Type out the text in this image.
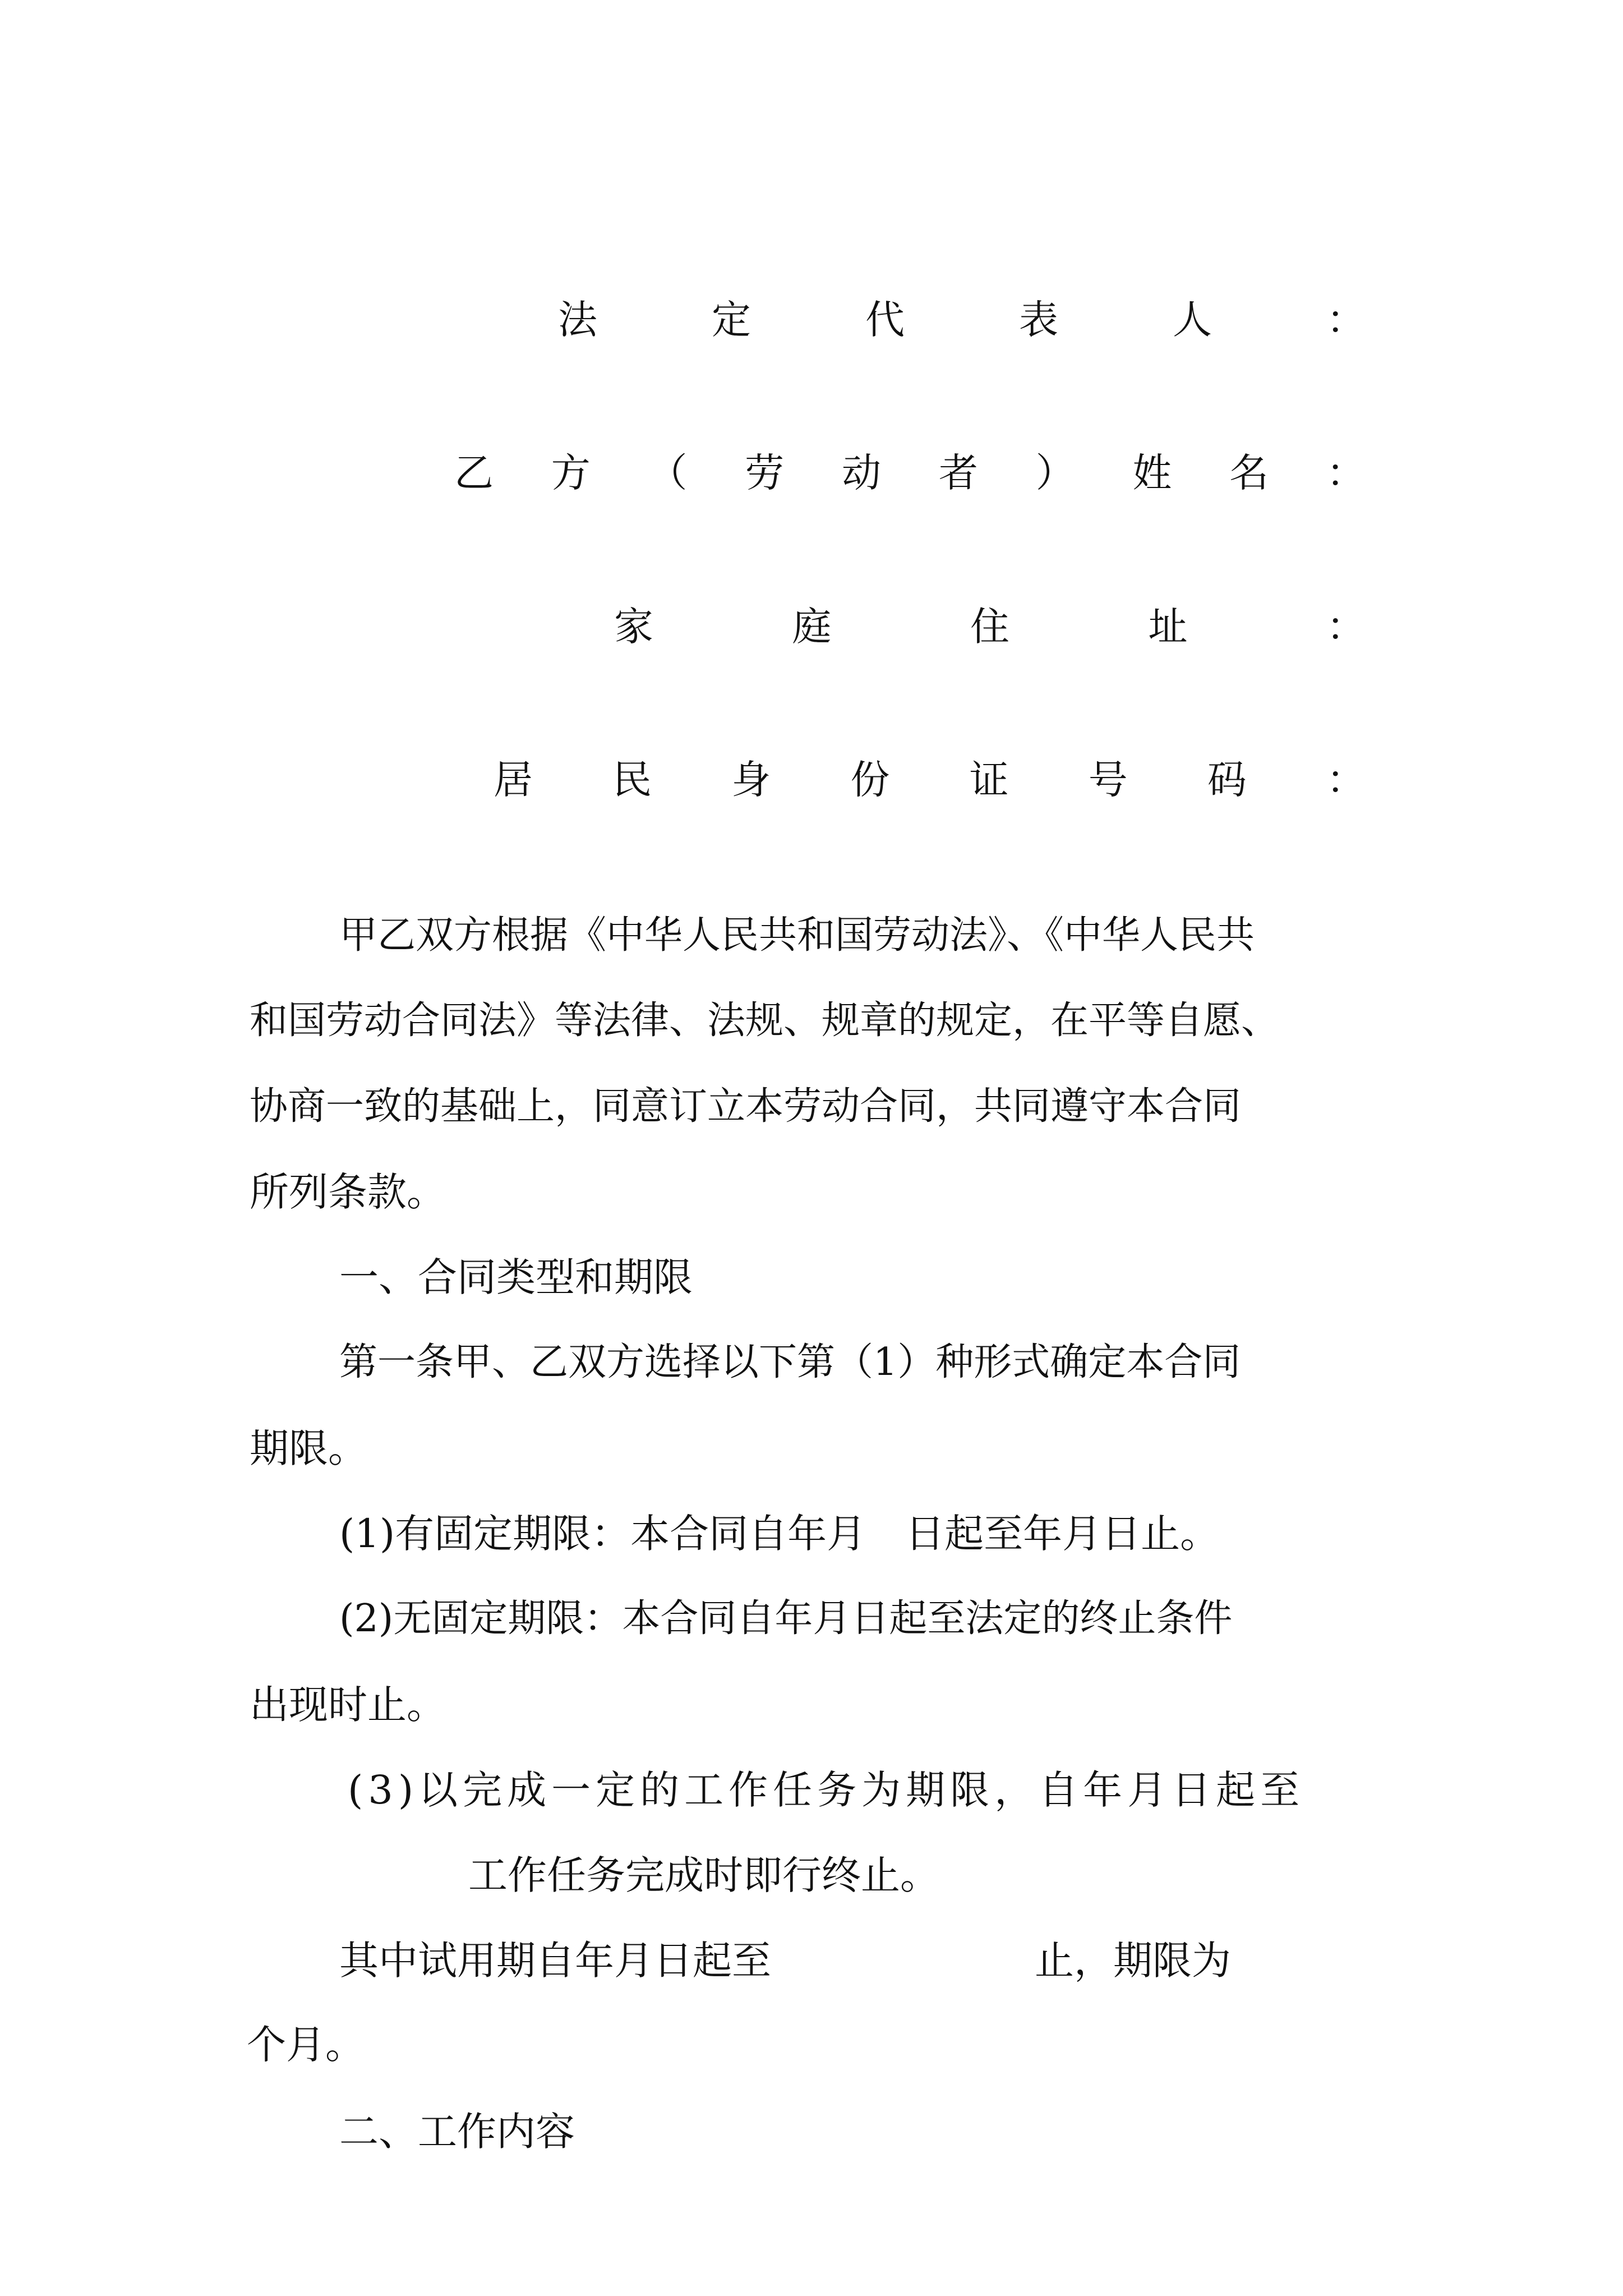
法	定	代	表	人	：
乙 方 （ 劳 动 者 ） 姓 名 ：
家	庭	住	址	：
居 民 身 份 证 号 码 ：
甲乙双方根据《中华人民共和国劳动法》、《中华人民共
和国劳动合同法》等法律、法规、规章的规定，在平等自愿、
协商一致的基础上，同意订立本劳动合同，共同遵守本合同
所列条款。
一、合同类型和期限
第一条甲、乙双方选择以下第（1）种形式确定本合同
期限。
(1)有固定期限：本合同自年月　日起至年月日止。
(2)无固定期限：本合同自年月日起至法定的终止条件
出现时止。
(3)以完成一定的工作任务为期限，自年月日起至
工作任务完成时即行终止。
其中试用期自年月日起至	止，期限为
个月。
二、工作内容
